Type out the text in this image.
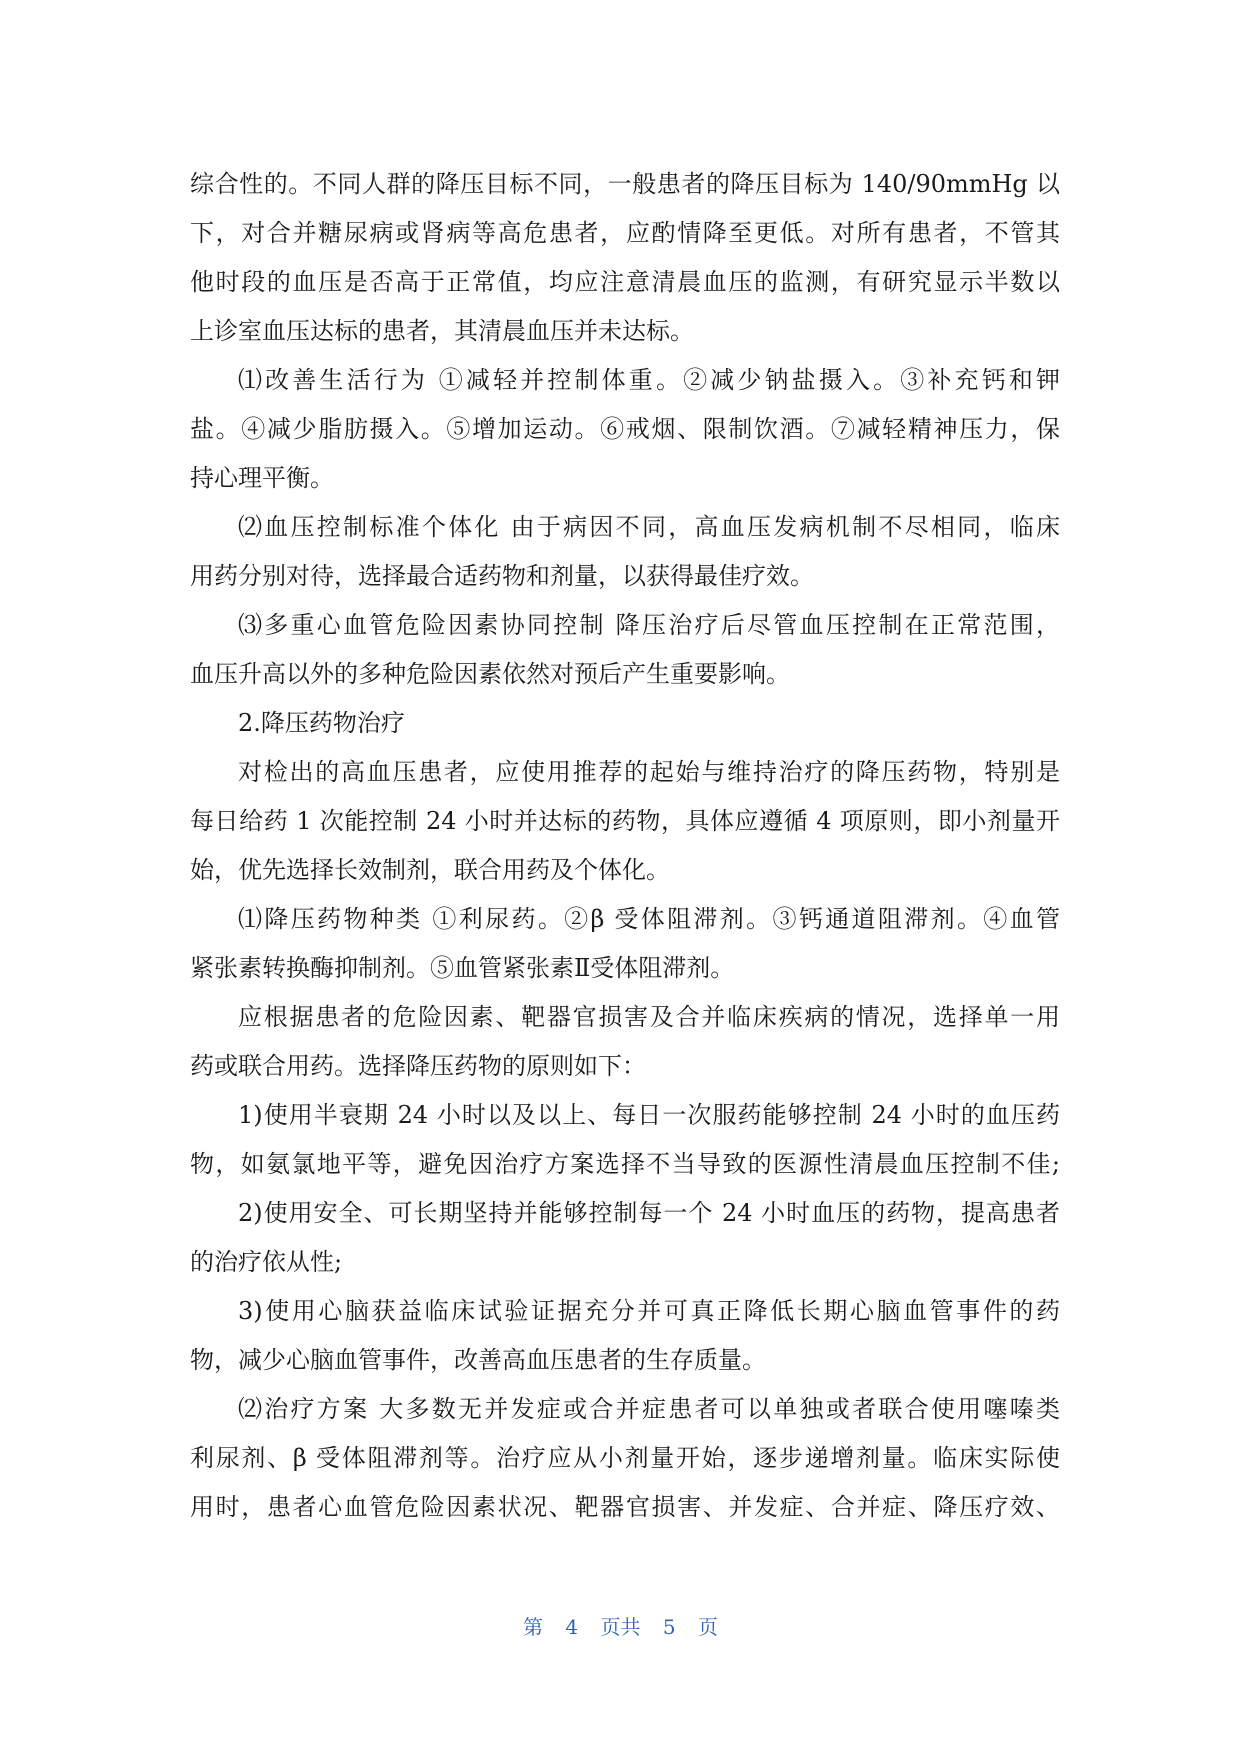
综合性的。不同人群的降压目标不同，一般患者的降压目标为 140/90mmHg 以
下，对合并糖尿病或肾病等高危患者，应酌情降至更低。对所有患者，不管其
他时段的血压是否高于正常值，均应注意清晨血压的监测，有研究显示半数以
上诊室血压达标的患者，其清晨血压并未达标。
⑴改善生活行为 ①减轻并控制体重。②减少钠盐摄入。③补充钙和钾
盐。④减少脂肪摄入。⑤增加运动。⑥戒烟、限制饮酒。⑦减轻精神压力，保
持心理平衡。
⑵血压控制标准个体化 由于病因不同，高血压发病机制不尽相同，临床
用药分别对待，选择最合适药物和剂量，以获得最佳疗效。
⑶多重心血管危险因素协同控制 降压治疗后尽管血压控制在正常范围，
血压升高以外的多种危险因素依然对预后产生重要影响。
2.降压药物治疗
对检出的高血压患者，应使用推荐的起始与维持治疗的降压药物，特别是
每日给药 1 次能控制 24 小时并达标的药物，具体应遵循 4 项原则，即小剂量开
始，优先选择长效制剂，联合用药及个体化。
⑴降压药物种类 ①利尿药。②β 受体阻滞剂。③钙通道阻滞剂。④血管
紧张素转换酶抑制剂。⑤血管紧张素Ⅱ受体阻滞剂。
应根据患者的危险因素、靶器官损害及合并临床疾病的情况，选择单一用
药或联合用药。选择降压药物的原则如下：
1)使用半衰期 24 小时以及以上、每日一次服药能够控制 24 小时的血压药
物，如氨氯地平等，避免因治疗方案选择不当导致的医源性清晨血压控制不佳;
2)使用安全、可长期坚持并能够控制每一个 24 小时血压的药物，提高患者
的治疗依从性;
3)使用心脑获益临床试验证据充分并可真正降低长期心脑血管事件的药
物，减少心脑血管事件，改善高血压患者的生存质量。
⑵治疗方案 大多数无并发症或合并症患者可以单独或者联合使用噻嗪类
利尿剂、β 受体阻滞剂等。治疗应从小剂量开始，逐步递增剂量。临床实际使
用时，患者心血管危险因素状况、靶器官损害、并发症、合并症、降压疗效、
第 4 页共 5 页
